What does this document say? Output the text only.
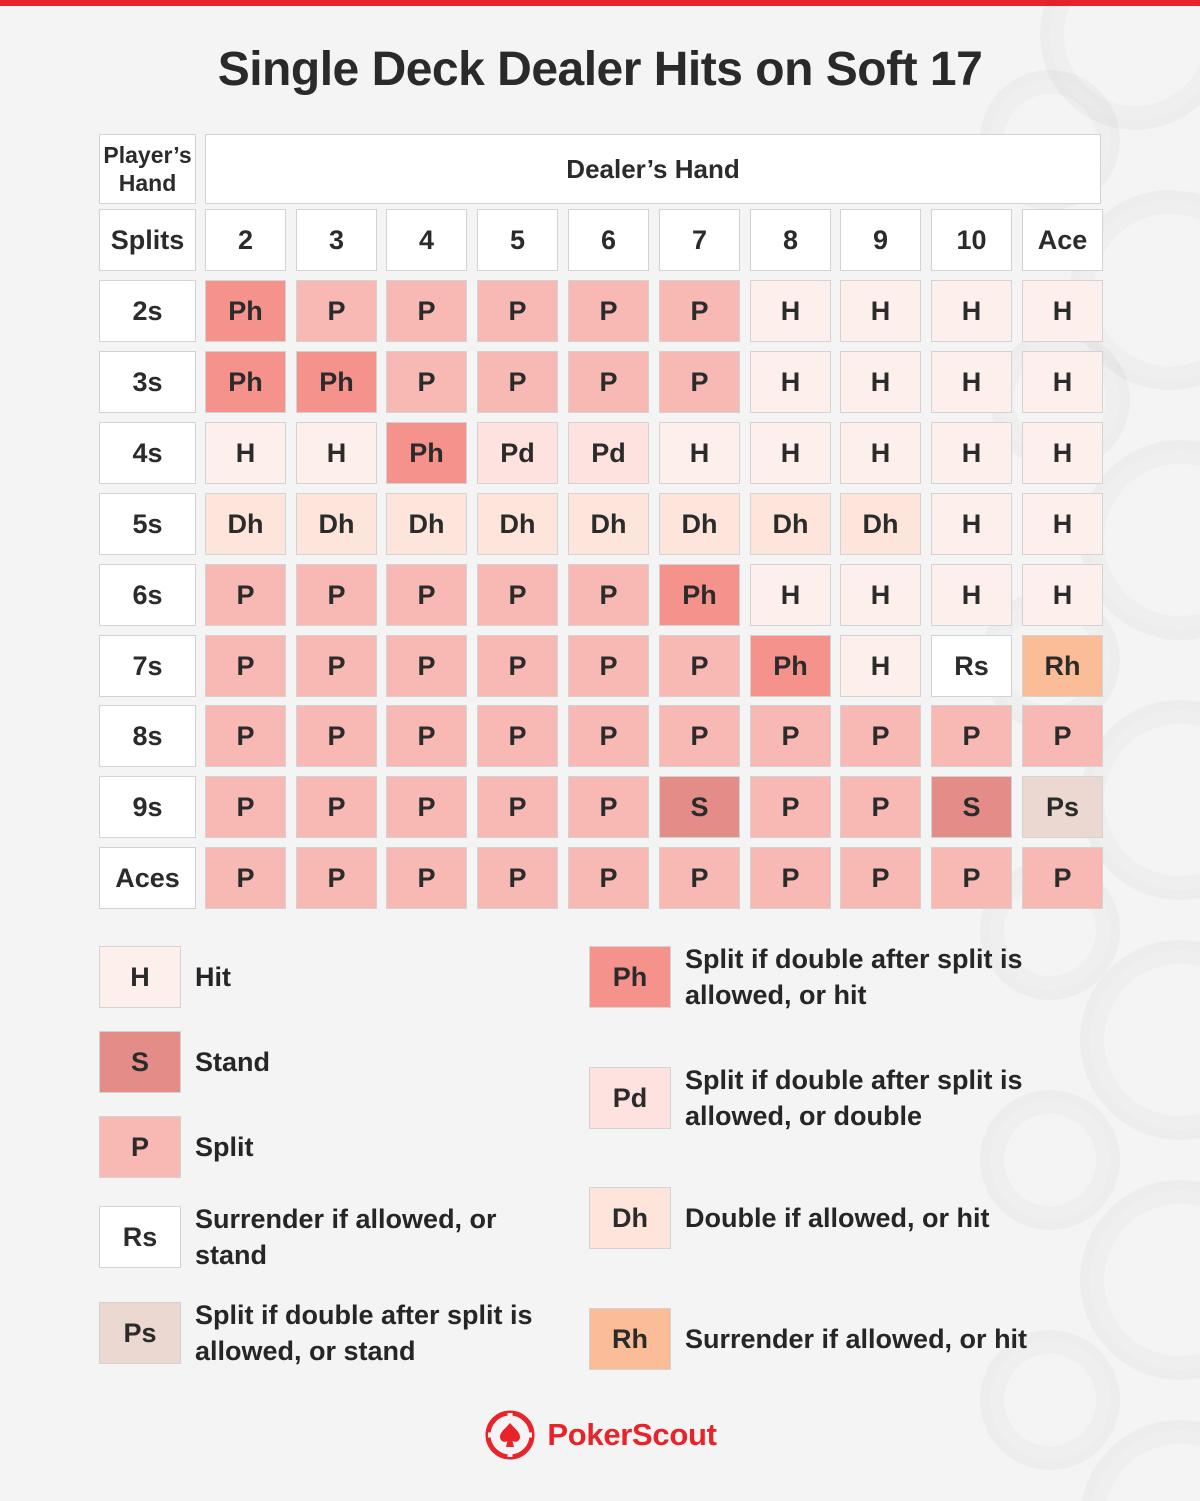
Single Deck Dealer Hits on Soft 17
Player’s Hand	Dealer’s Hand
Splits	2	3	4	5	6	7	8	9	10	Ace
2s	Ph	P	P	P	P	P	H	H	H	H
3s	Ph	Ph	P	P	P	P	H	H	H	H
4s	H	H	Ph	Pd	Pd	H	H	H	H	H
5s	Dh	Dh	Dh	Dh	Dh	Dh	Dh	Dh	H	H
6s	P	P	P	P	P	Ph	H	H	H	H
7s	P	P	P	P	P	P	Ph	H	Rs	Rh
8s	P	P	P	P	P	P	P	P	P	P
9s	P	P	P	P	P	S	P	P	S	Ps
Aces	P	P	P	P	P	P	P	P	P	P
H	Hit
S	Stand
P	Split
Rs
Surrender if allowed, or stand
Ps
Split if double after split is allowed, or stand
Ph
Split if double after split is allowed, or hit
Pd
Split if double after split is allowed, or double
Dh	Double if allowed, or hit
Rh	Surrender if allowed, or hit
PokerScout
